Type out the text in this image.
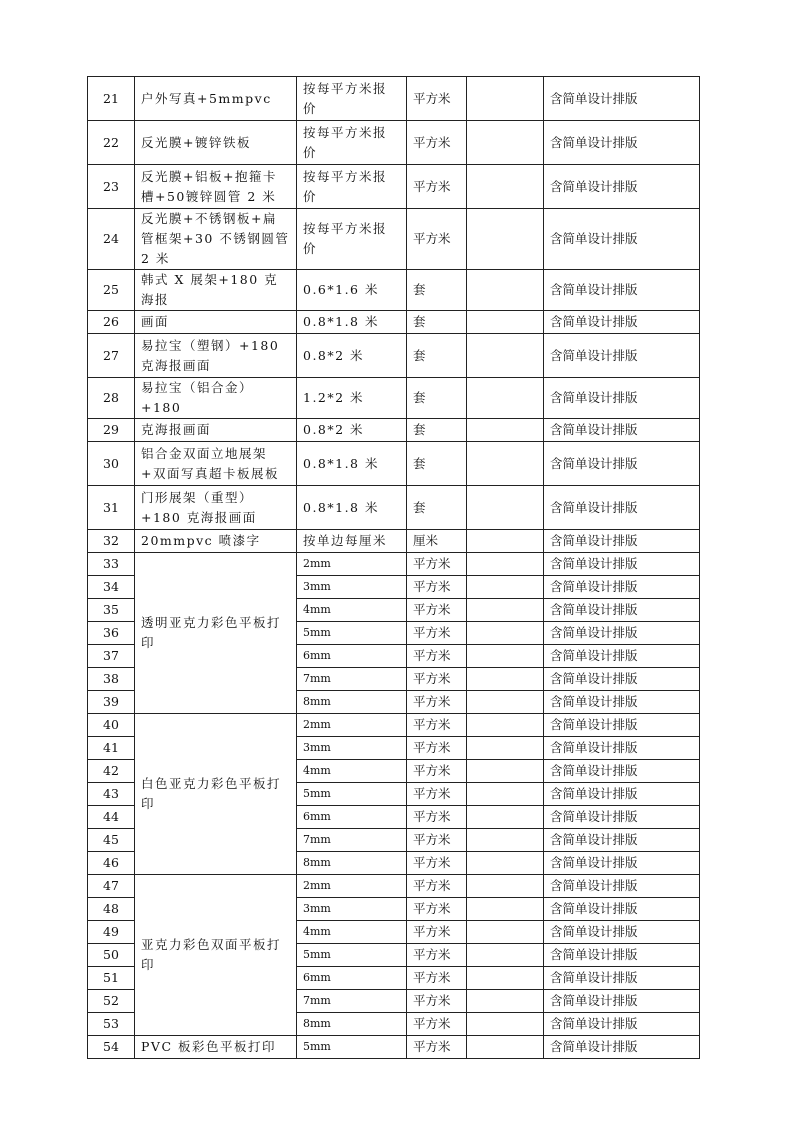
21	户外写真+5mmpvc	按每平方米报价	平方米		含简单设计排版
22	反光膜+镀锌铁板	按每平方米报价	平方米		含简单设计排版
23	反光膜+铝板+抱箍卡槽+50镀锌圆管 2 米	按每平方米报价	平方米		含简单设计排版
24	反光膜+不锈钢板+扁管框架+30 不锈钢圆管 2 米	按每平方米报价	平方米		含简单设计排版
25	韩式 X 展架+180 克海报	0.6*1.6 米	套		含简单设计排版
26	画面	0.8*1.8 米	套		含简单设计排版
27	易拉宝（塑钢）+180 克海报画面	0.8*2 米	套		含简单设计排版
28	易拉宝（铝合金）+180	1.2*2 米	套		含简单设计排版
29	克海报画面	0.8*2 米	套		含简单设计排版
30	铝合金双面立地展架+双面写真超卡板展板	0.8*1.8 米	套		含简单设计排版
31	门形展架（重型）+180 克海报画面	0.8*1.8 米	套		含简单设计排版
32	20mmpvc 喷漆字	按单边每厘米	厘米		含简单设计排版
33	透明亚克力彩色平板打印	2mm	平方米		含简单设计排版
34		3mm	平方米		含简单设计排版
35		4mm	平方米		含简单设计排版
36		5mm	平方米		含简单设计排版
37		6mm	平方米		含简单设计排版
38		7mm	平方米		含简单设计排版
39		8mm	平方米		含简单设计排版
40	白色亚克力彩色平板打印	2mm	平方米		含简单设计排版
41		3mm	平方米		含简单设计排版
42		4mm	平方米		含简单设计排版
43		5mm	平方米		含简单设计排版
44		6mm	平方米		含简单设计排版
45		7mm	平方米		含简单设计排版
46		8mm	平方米		含简单设计排版
47	亚克力彩色双面平板打印	2mm	平方米		含简单设计排版
48		3mm	平方米		含简单设计排版
49		4mm	平方米		含简单设计排版
50		5mm	平方米		含简单设计排版
51		6mm	平方米		含简单设计排版
52		7mm	平方米		含简单设计排版
53		8mm	平方米		含简单设计排版
54	PVC 板彩色平板打印	5mm	平方米		含简单设计排版
